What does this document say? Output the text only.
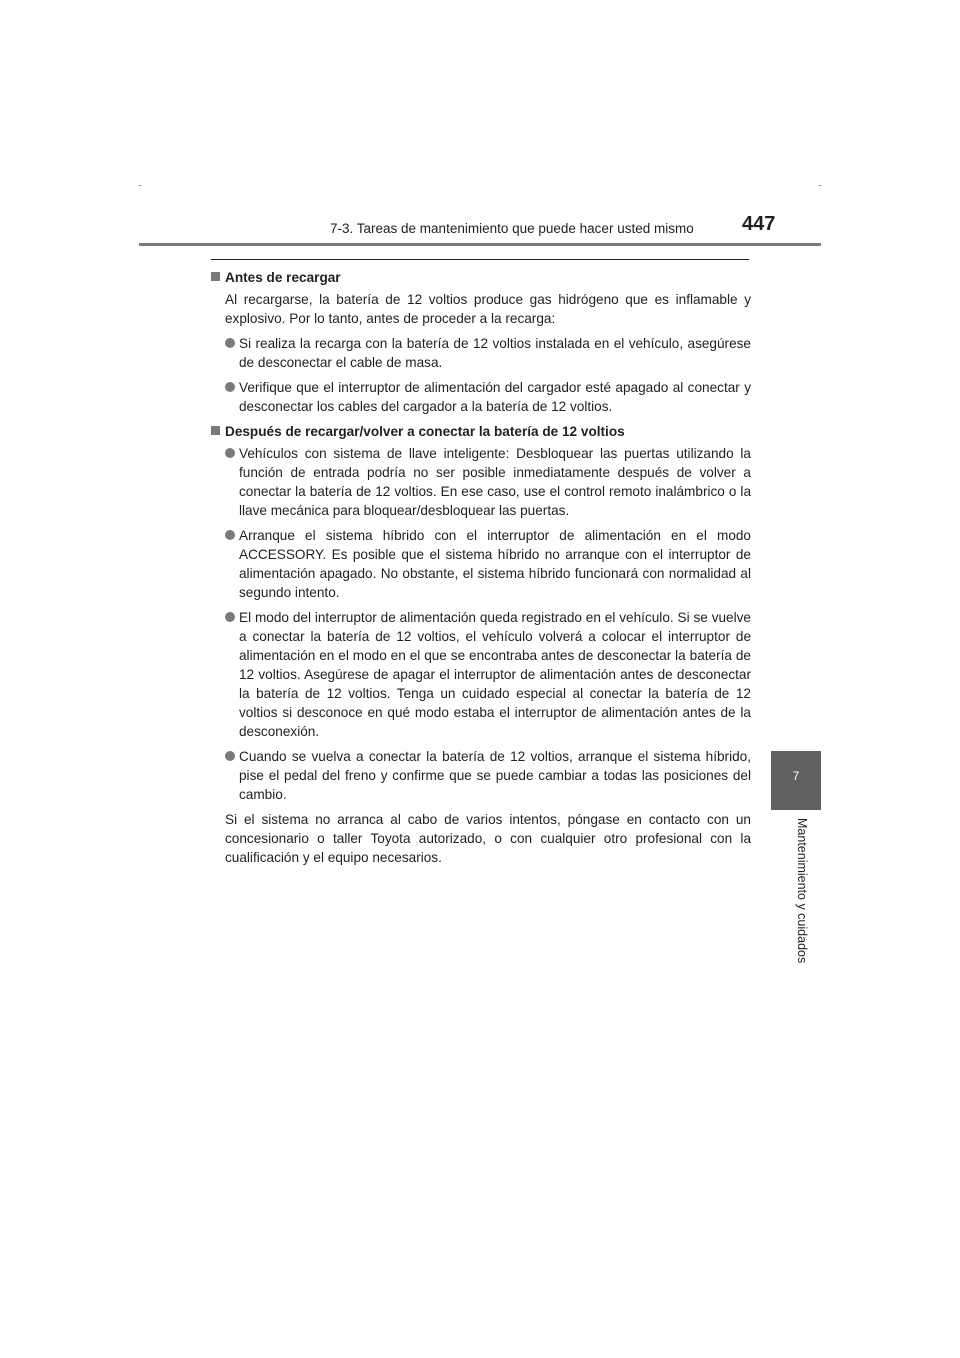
7-3. Tareas de mantenimiento que puede hacer usted mismo 447
7
Mantenimiento y cuidados
Antes de recargar

Al recargarse, la batería de 12 voltios produce gas hidrógeno que es inflamable y explosivo. Por lo tanto, antes de proceder a la recarga:

Si realiza la recarga con la batería de 12 voltios instalada en el vehículo, asegúrese de desconectar el cable de masa.
Verifique que el interruptor de alimentación del cargador esté apagado al conectar y desconectar los cables del cargador a la batería de 12 voltios.
Después de recargar/volver a conectar la batería de 12 voltios
Vehículos con sistema de llave inteligente: Desbloquear las puertas utilizando la función de entrada podría no ser posible inmediatamente después de volver a conectar la batería de 12 voltios. En ese caso, use el control remoto inalámbrico o la llave mecánica para bloquear/desbloquear las puertas.
Arranque el sistema híbrido con el interruptor de alimentación en el modo ACCESSORY. Es posible que el sistema híbrido no arranque con el interruptor de alimentación apagado. No obstante, el sistema híbrido funcionará con normalidad al segundo intento.
El modo del interruptor de alimentación queda registrado en el vehículo. Si se vuelve a conectar la batería de 12 voltios, el vehículo volverá a colocar el interruptor de alimentación en el modo en el que se encontraba antes de desconectar la batería de 12 voltios. Asegúrese de apagar el interruptor de alimentación antes de desconectar la batería de 12 voltios. Tenga un cuidado especial al conectar la batería de 12 voltios si desconoce en qué modo estaba el interruptor de alimentación antes de la desconexión.
Cuando se vuelva a conectar la batería de 12 voltios, arranque el sistema híbrido, pise el pedal del freno y confirme que se puede cambiar a todas las posiciones del cambio.

Si el sistema no arranca al cabo de varios intentos, póngase en contacto con un concesionario o taller Toyota autorizado, o con cualquier otro profesional con la cualificación y el equipo necesarios.
